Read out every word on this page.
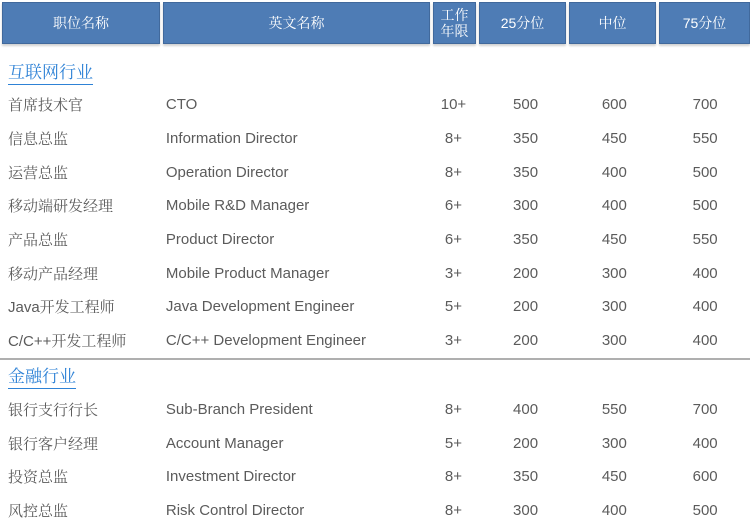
职位名称	英文名称	工作年限	25分位	中位	75分位
互联网行业
首席技术官	CTO	10+	500	600	700
信息总监	Information Director	8+	350	450	550
运营总监	Operation Director	8+	350	400	500
移动端研发经理	Mobile R&D Manager	6+	300	400	500
产品总监	Product Director	6+	350	450	550
移动产品经理	Mobile Product Manager	3+	200	300	400
Java开发工程师	Java Development Engineer	5+	200	300	400
C/C++开发工程师	C/C++ Development Engineer	3+	200	300	400
金融行业
银行支行行长	Sub-Branch President	8+	400	550	700
银行客户经理	Account Manager	5+	200	300	400
投资总监	Investment Director	8+	350	450	600
风控总监	Risk Control Director	8+	300	400	500
